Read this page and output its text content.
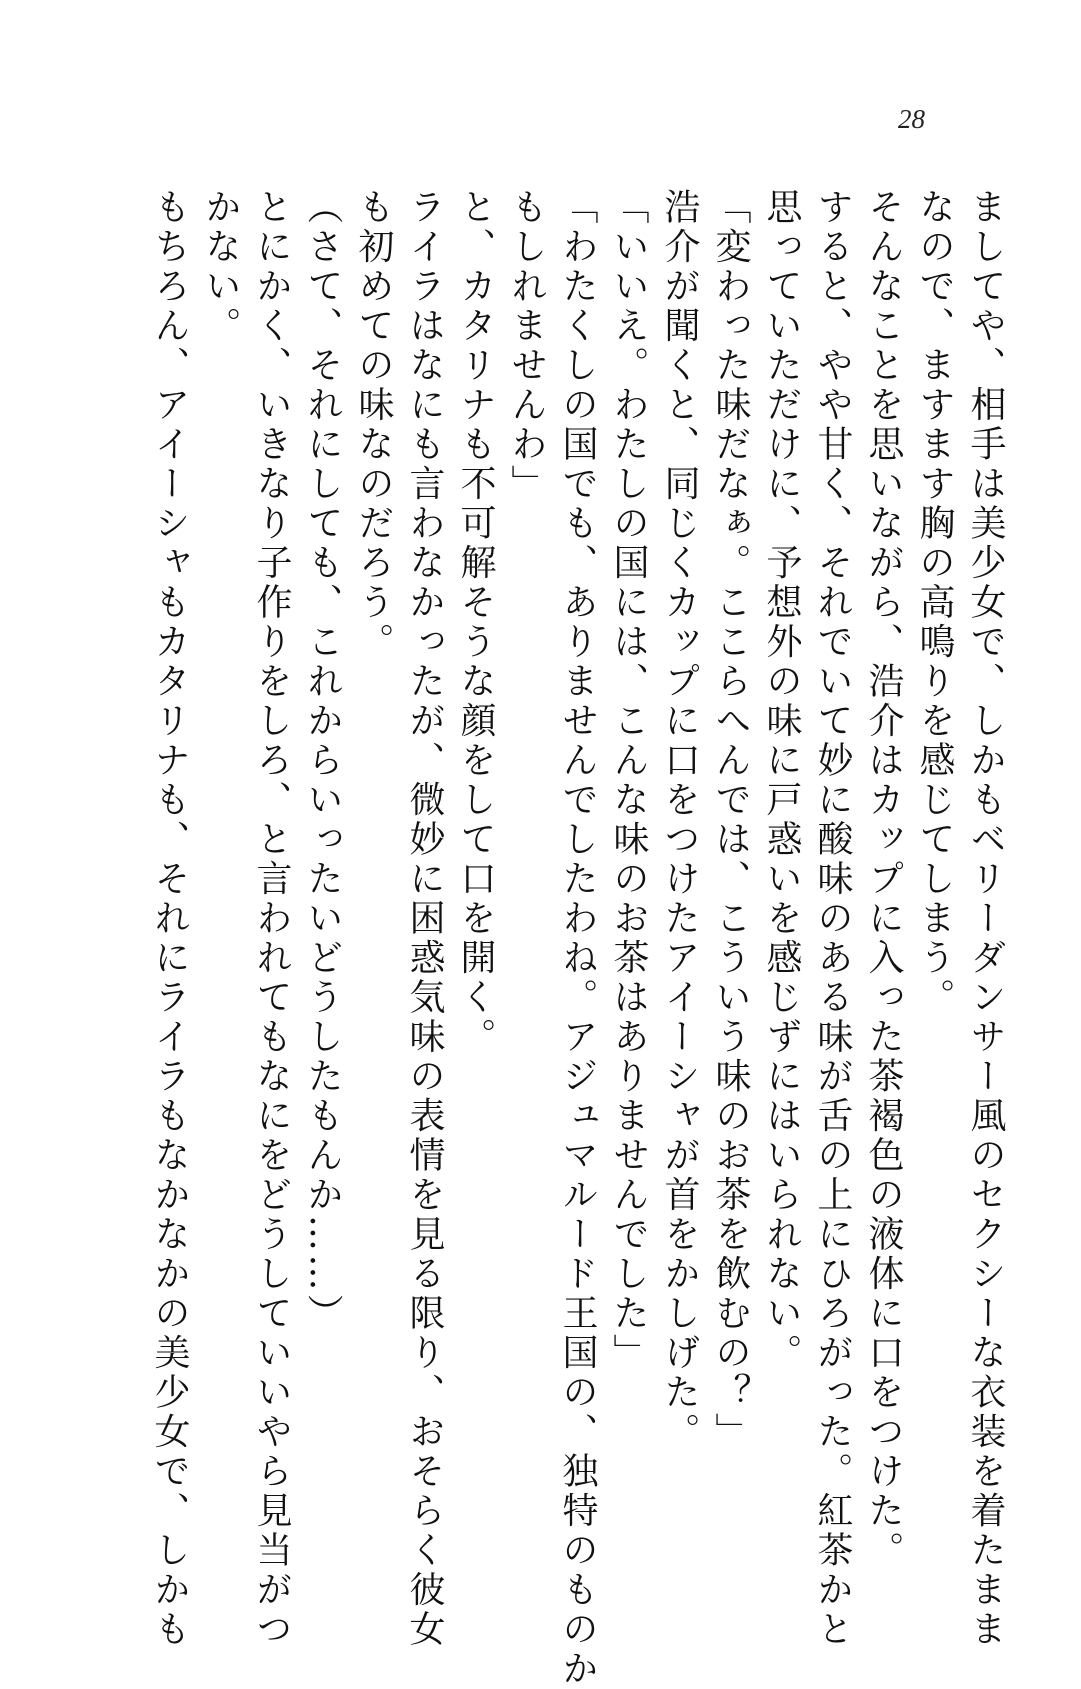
28
ましてや、相手は美少女で、しかもベリーダンサー風のセクシーな衣装を着たまま
なので、ますます胸の高鳴りを感じてしまう。
そんなことを思いながら、浩介はカップに入った茶褐色の液体に口をつけた。
すると、やや甘く、それでいて妙に酸味のある味が舌の上にひろがった。紅茶かと
思っていただけに、予想外の味に戸惑いを感じずにはいられない。
「変わった味だなぁ。ここらへんでは、こういう味のお茶を飲むの？」
浩介が聞くと、同じくカップに口をつけたアイーシャが首をかしげた。
「いいえ。わたしの国には、こんな味のお茶はありませんでした」
「わたくしの国でも、ありませんでしたわね。アジュマルード王国の、独特のものか
もしれませんわ」
と、カタリナも不可解そうな顔をして口を開く。
ライラはなにも言わなかったが、微妙に困惑気味の表情を見る限り、おそらく彼女
も初めての味なのだろう。
（さて、それにしても、これからいったいどうしたもんか……）
とにかく、いきなり子作りをしろ、と言われてもなにをどうしていいやら見当がつ
かない。
もちろん、アイーシャもカタリナも、それにライラもなかなかの美少女で、しかも
